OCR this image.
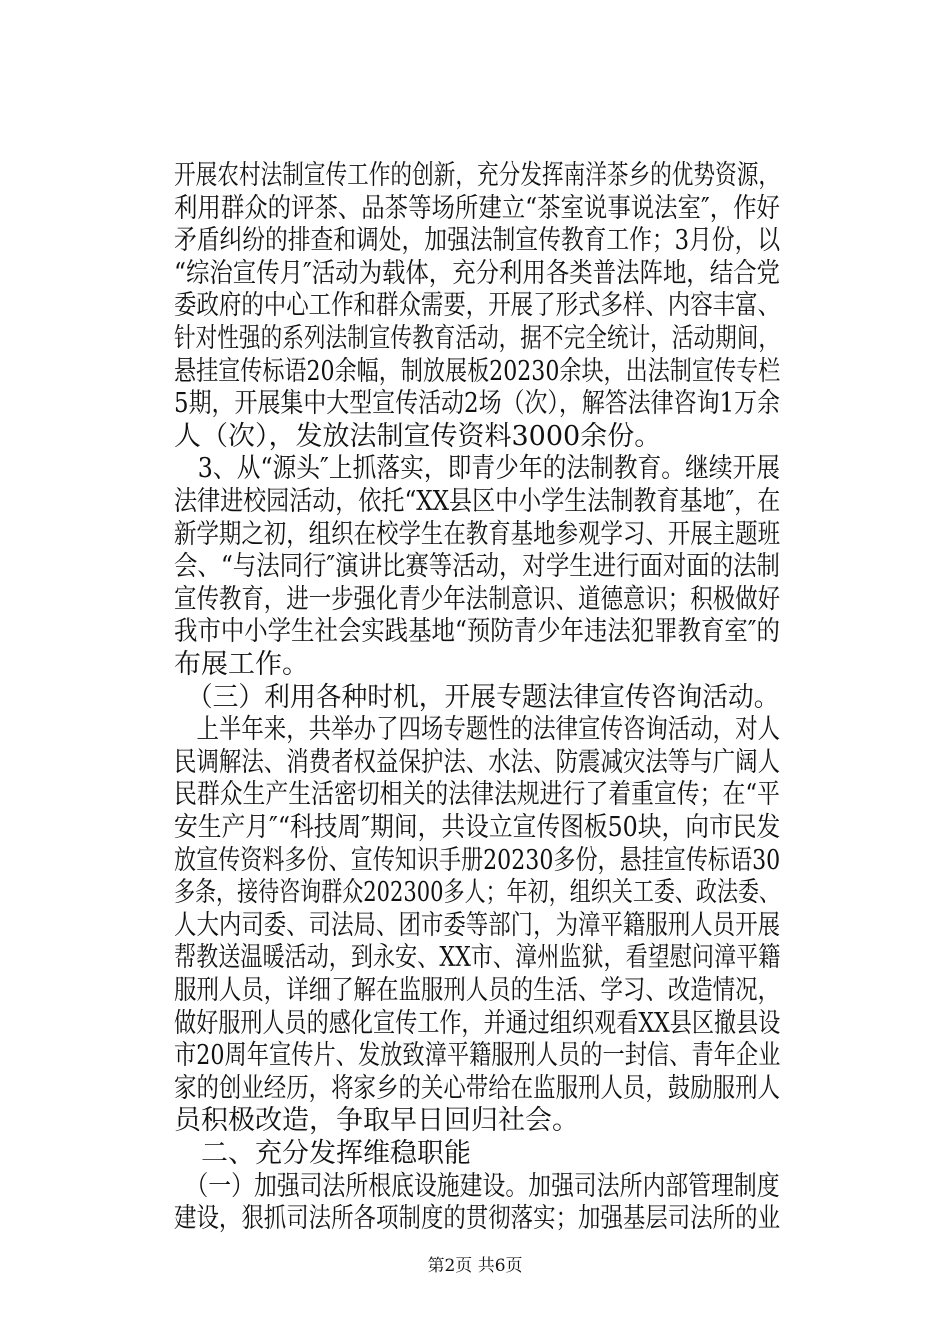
开展农村法制宣传工作的创新，充分发挥南洋茶乡的优势资源，
利用群众的评茶、品茶等场所建立“茶室说事说法室″，作好
矛盾纠纷的排查和调处，加强法制宣传教育工作；3月份，以
“综治宣传月″活动为载体，充分利用各类普法阵地，结合党
委政府的中心工作和群众需要，开展了形式多样、内容丰富、
针对性强的系列法制宣传教育活动，据不完全统计，活动期间，
悬挂宣传标语20余幅，制放展板20230余块，出法制宣传专栏
5期，开展集中大型宣传活动2场（次），解答法律咨询1万余
人（次），发放法制宣传资料3000余份。
　3、从“源头″上抓落实，即青少年的法制教育。继续开展
法律进校园活动，依托“XX县区中小学生法制教育基地″，在
新学期之初，组织在校学生在教育基地参观学习、开展主题班
会、“与法同行″演讲比赛等活动，对学生进行面对面的法制
宣传教育，进一步强化青少年法制意识、道德意识；积极做好
我市中小学生社会实践基地“预防青少年违法犯罪教育室″的
布展工作。
　（三）利用各种时机，开展专题法律宣传咨询活动。
　上半年来，共举办了四场专题性的法律宣传咨询活动，对人
民调解法、消费者权益保护法、水法、防震减灾法等与广阔人
民群众生产生活密切相关的法律法规进行了着重宣传；在“平
安生产月″“科技周″期间，共设立宣传图板50块，向市民发
放宣传资料多份、宣传知识手册20230多份，悬挂宣传标语30
多条，接待咨询群众202300多人；年初，组织关工委、政法委、
人大内司委、司法局、团市委等部门，为漳平籍服刑人员开展
帮教送温暖活动，到永安、XX市、漳州监狱，看望慰问漳平籍
服刑人员，详细了解在监服刑人员的生活、学习、改造情况，
做好服刑人员的感化宣传工作，并通过组织观看XX县区撤县设
市20周年宣传片、发放致漳平籍服刑人员的一封信、青年企业
家的创业经历，将家乡的关心带给在监服刑人员，鼓励服刑人
员积极改造，争取早日回归社会。
　二、充分发挥维稳职能
　（一）加强司法所根底设施建设。加强司法所内部管理制度
建设，狠抓司法所各项制度的贯彻落实；加强基层司法所的业
第2页 共6页
